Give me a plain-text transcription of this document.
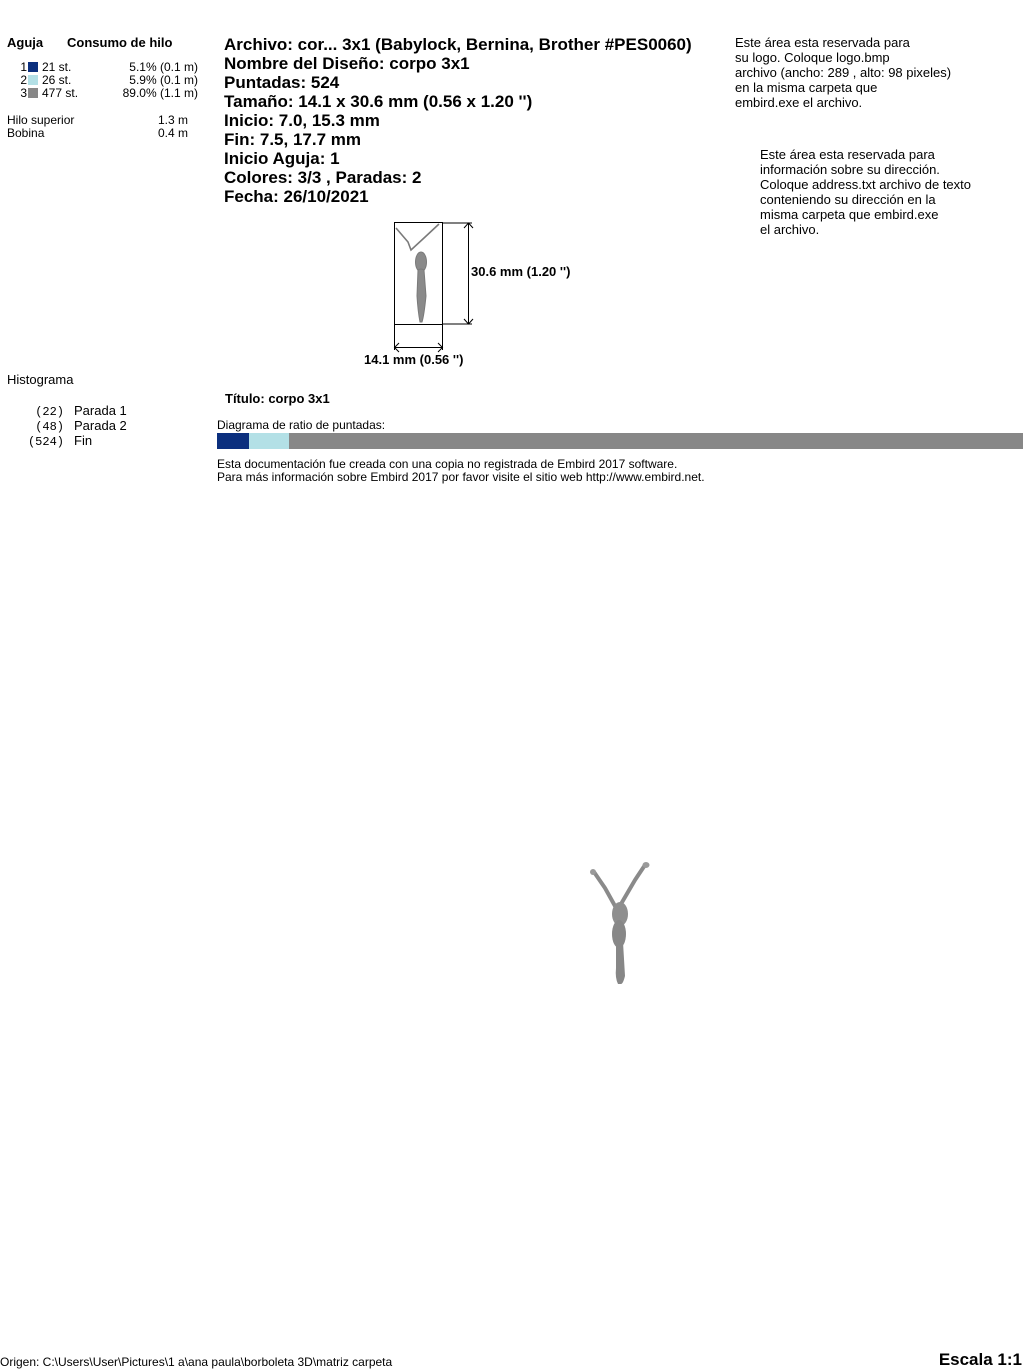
Aguja Consumo de hilo
1 21 st.	5.1% (0.1 m)
2 26 st.	5.9% (0.1 m)
3 477 st.	89.0% (1.1 m)
Hilo superior	1.3 m
Bobina	0.4 m
Archivo: cor... 3x1 (Babylock, Bernina, Brother #PES0060)
Nombre del Diseño: corpo 3x1
Puntadas: 524
Tamaño: 14.1 x 30.6 mm (0.56 x 1.20 '')
Inicio: 7.0, 15.3 mm
Fin: 7.5, 17.7 mm
Inicio Aguja: 1
Colores: 3/3 , Paradas: 2
Fecha: 26/10/2021
Este área esta reservada para
su logo. Coloque logo.bmp
archivo (ancho: 289 , alto: 98 pixeles)
en la misma carpeta que
embird.exe el archivo.
Este área esta reservada para
información sobre su dirección.
Coloque address.txt archivo de texto
conteniendo su dirección en la
misma carpeta que embird.exe
el archivo.
30.6 mm (1.20 '')
14.1 mm (0.56 '')
Histograma
(22) Parada 1
(48) Parada 2
(524) Fin
Título: corpo 3x1
Diagrama de ratio de puntadas:
Esta documentación fue creada con una copia no registrada de Embird 2017 software.
Para más información sobre Embird 2017 por favor visite el sitio web http://www.embird.net.
Origen: C:\Users\User\Pictures\1 a\ana paula\borboleta 3D\matriz carpeta	Escala 1:1
